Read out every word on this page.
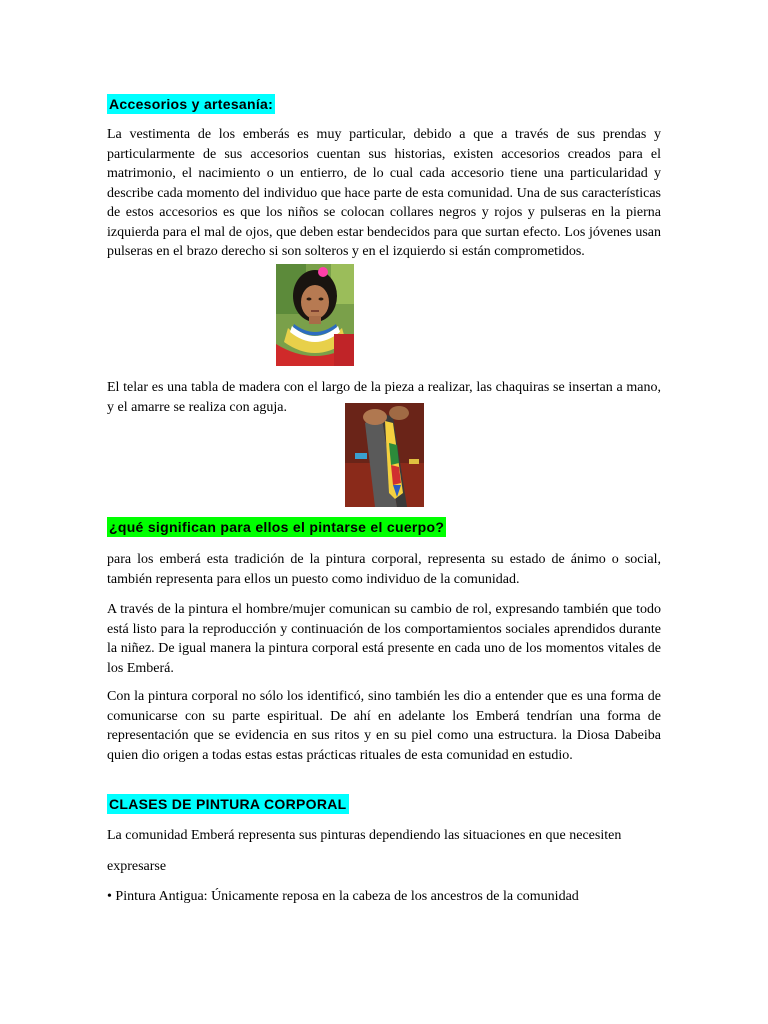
Accesorios y artesanía:

La vestimenta de los emberás es muy particular, debido a que a través de sus prendas y particularmente de sus accesorios cuentan sus historias, existen accesorios creados para el matrimonio, el nacimiento o un entierro, de lo cual cada accesorio tiene una particularidad y describe cada momento del individuo que hace parte de esta comunidad. Una de sus características de estos accesorios es que los niños se colocan collares negros y rojos y pulseras en la pierna izquierda para el mal de ojos, que deben estar bendecidos para que surtan efecto. Los jóvenes usan pulseras en el brazo derecho si son solteros y en el izquierdo si están comprometidos.

El telar es una tabla de madera con el largo de la pieza a realizar, las chaquiras se insertan a mano, y el amarre se realiza con aguja.

¿qué significan para ellos el pintarse el cuerpo?

para los emberá esta tradición de la pintura corporal, representa su estado de ánimo o social, también representa para ellos un puesto como individuo de la comunidad.

A través de la pintura el hombre/mujer comunican su cambio de rol, expresando también que todo está listo para la reproducción y continuación de los comportamientos sociales aprendidos durante la niñez. De igual manera la pintura corporal está presente en cada uno de los momentos vitales de los Emberá.

Con la pintura corporal no sólo los identificó, sino también les dio a entender que es una forma de comunicarse con su parte espiritual. De ahí en adelante los Emberá tendrían una forma de representación que se evidencia en sus ritos y en su piel como una estructura. la Diosa Dabeiba quien dio origen a todas estas estas prácticas rituales de esta comunidad en estudio.

CLASES DE PINTURA CORPORAL

La comunidad Emberá representa sus pinturas dependiendo las situaciones en que necesiten

expresarse

• Pintura Antigua: Únicamente reposa en la cabeza de los ancestros de la comunidad
